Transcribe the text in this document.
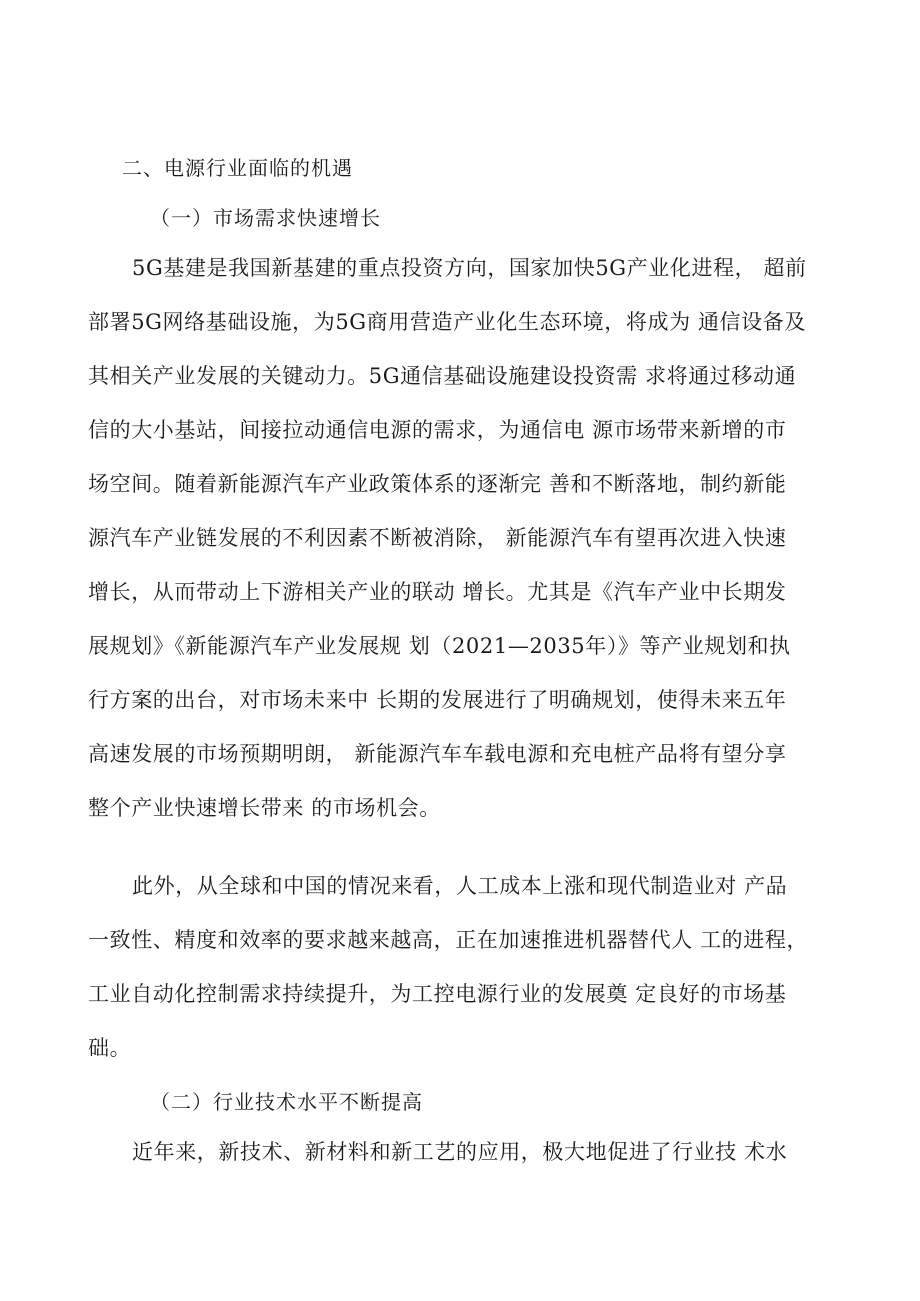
二、电源行业面临的机遇
（一）市场需求快速增长
5G基建是我国新基建的重点投资方向，国家加快5G产业化进程， 超前
部署5G网络基础设施，为5G商用营造产业化生态环境，将成为 通信设备及
其相关产业发展的关键动力。5G通信基础设施建设投资需 求将通过移动通
信的大小基站，间接拉动通信电源的需求，为通信电 源市场带来新增的市
场空间。随着新能源汽车产业政策体系的逐渐完 善和不断落地，制约新能
源汽车产业链发展的不利因素不断被消除， 新能源汽车有望再次进入快速
增长，从而带动上下游相关产业的联动 增长。尤其是《汽车产业中长期发
展规划》《新能源汽车产业发展规 划（2021—2035年）》等产业规划和执
行方案的出台，对市场未来中 长期的发展进行了明确规划，使得未来五年
高速发展的市场预期明朗， 新能源汽车车载电源和充电桩产品将有望分享
整个产业快速增长带来 的市场机会。
此外，从全球和中国的情况来看，人工成本上涨和现代制造业对 产品
一致性、精度和效率的要求越来越高，正在加速推进机器替代人 工的进程，
工业自动化控制需求持续提升，为工控电源行业的发展奠 定良好的市场基
础。
（二）行业技术水平不断提高
近年来，新技术、新材料和新工艺的应用，极大地促进了行业技 术水
